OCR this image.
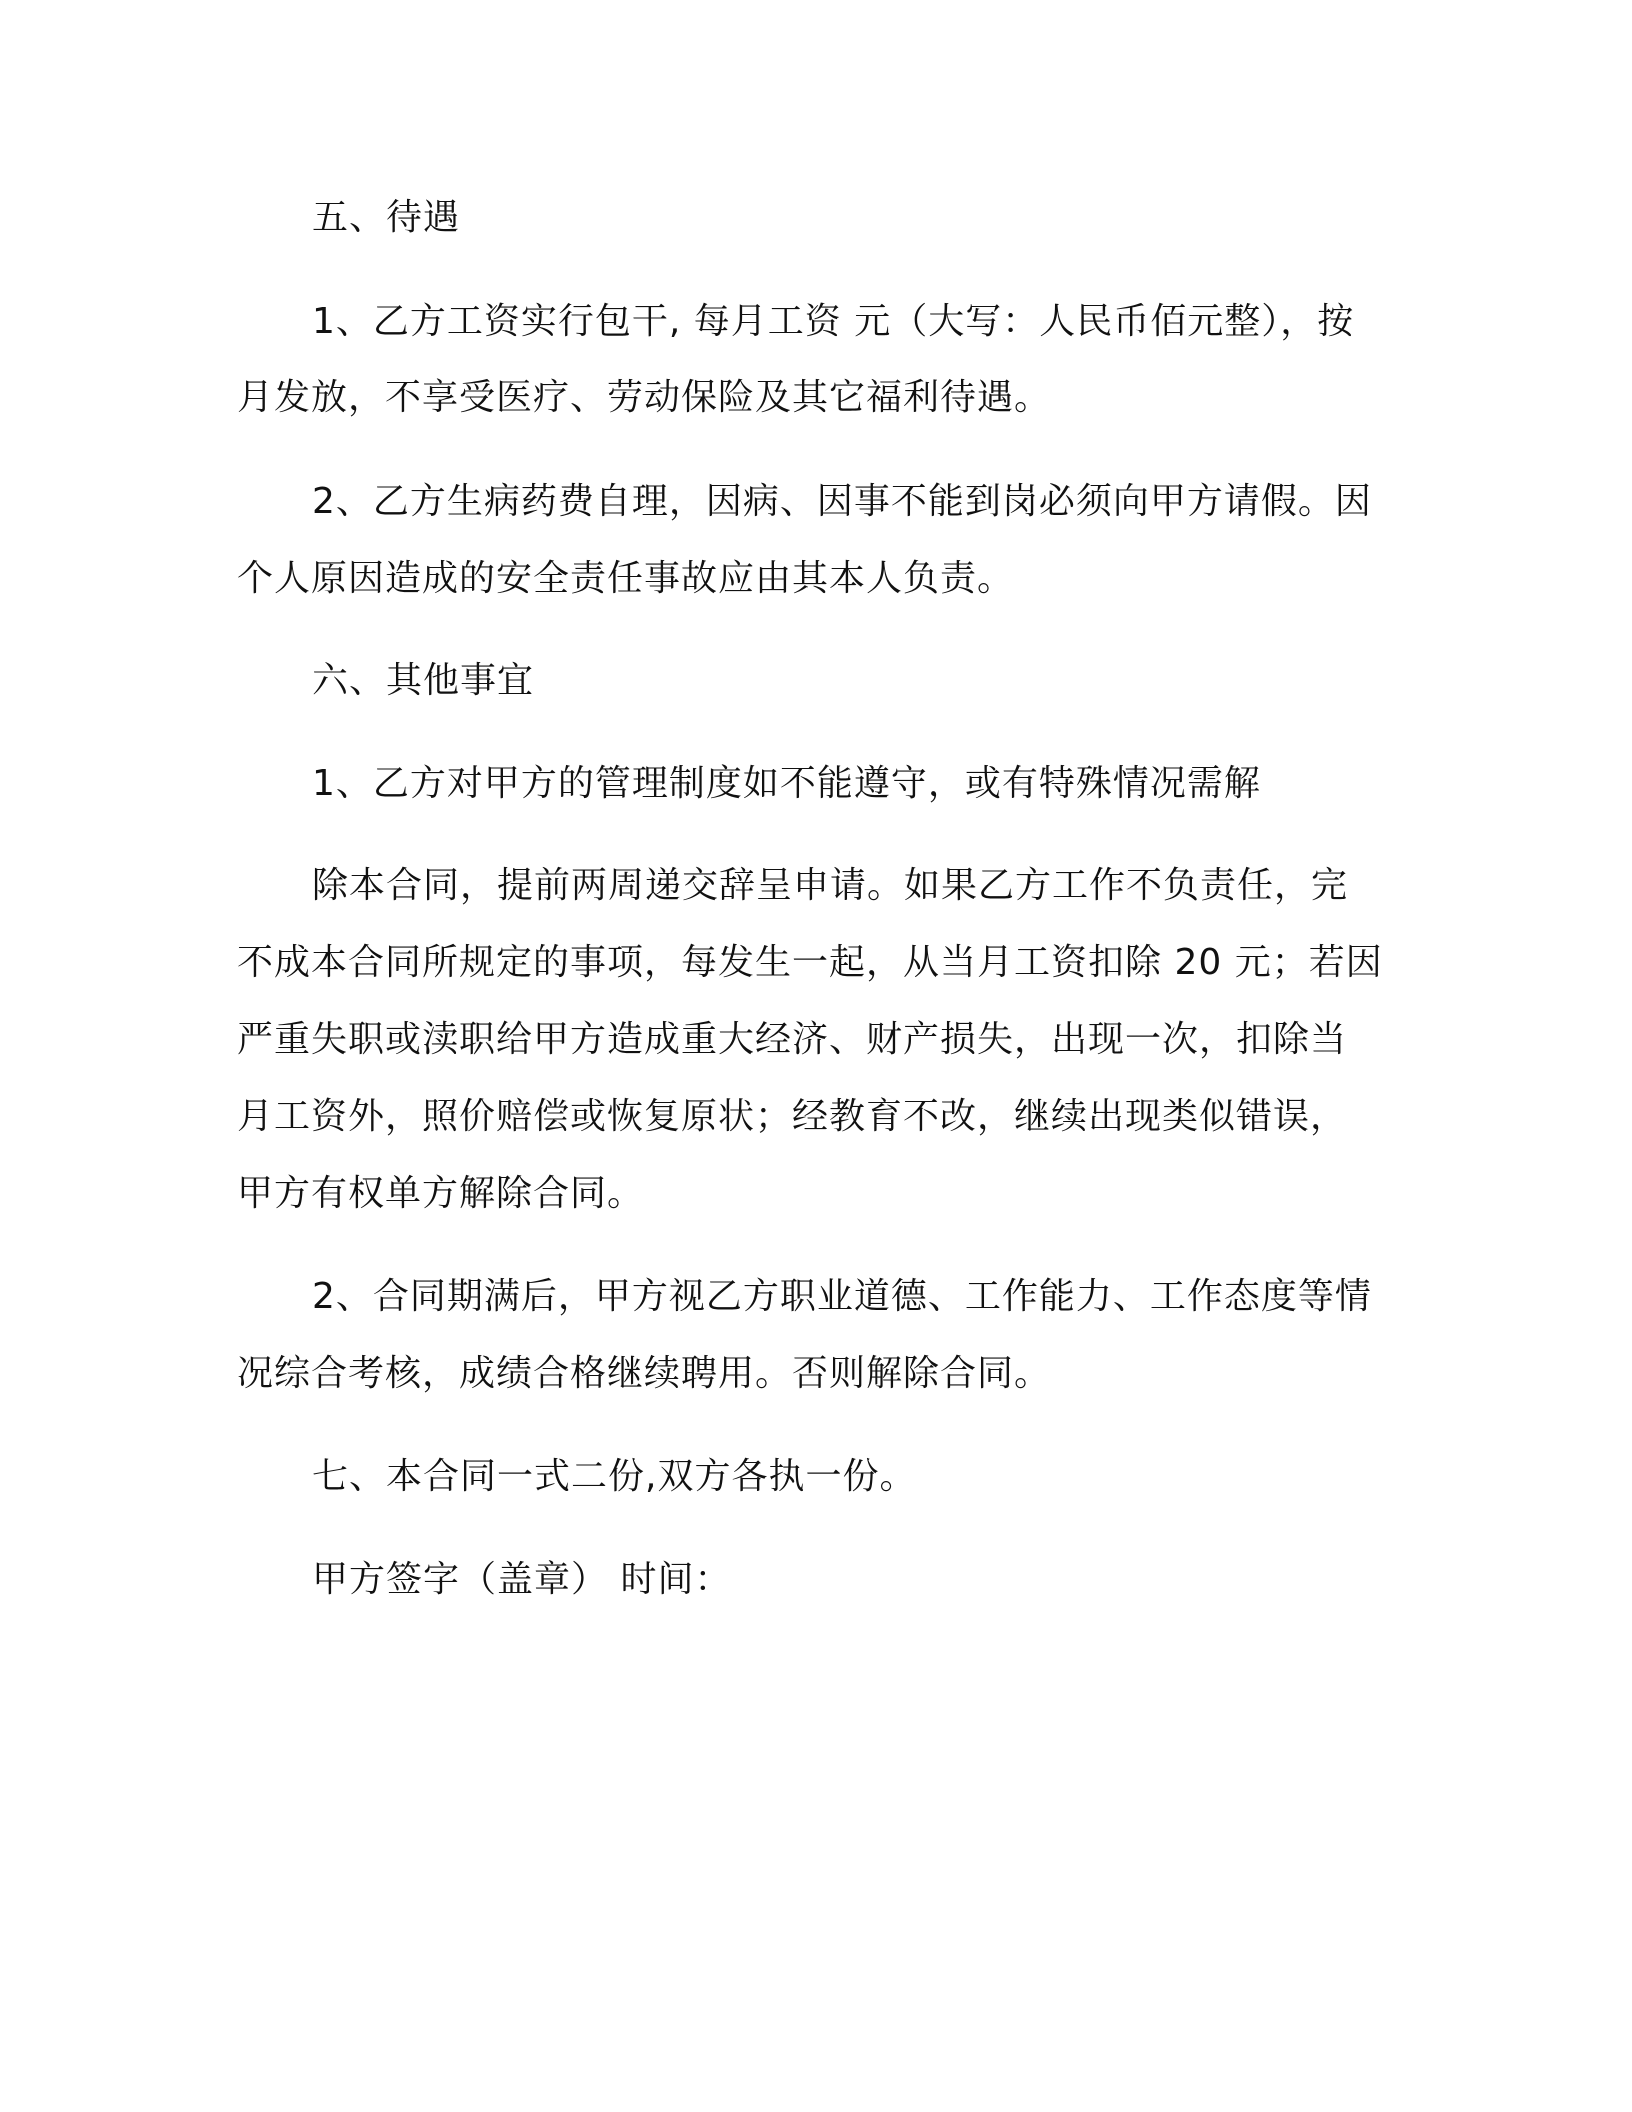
五、待遇

1、乙方工资实行包干, 每月工资 元（大写：人民币佰元整），按

月发放，不享受医疗、劳动保险及其它福利待遇。

2、乙方生病药费自理，因病、因事不能到岗必须向甲方请假。因

个人原因造成的安全责任事故应由其本人负责。

六、其他事宜

1、乙方对甲方的管理制度如不能遵守，或有特殊情况需解

除本合同，提前两周递交辞呈申请。如果乙方工作不负责任，完

不成本合同所规定的事项，每发生一起，从当月工资扣除 20 元；若因

严重失职或渎职给甲方造成重大经济、财产损失，出现一次，扣除当

月工资外，照价赔偿或恢复原状；经教育不改，继续出现类似错误，

甲方有权单方解除合同。

2、合同期满后，甲方视乙方职业道德、工作能力、工作态度等情

况综合考核，成绩合格继续聘用。否则解除合同。

七、本合同一式二份,双方各执一份。

甲方签字（盖章） 时间：
